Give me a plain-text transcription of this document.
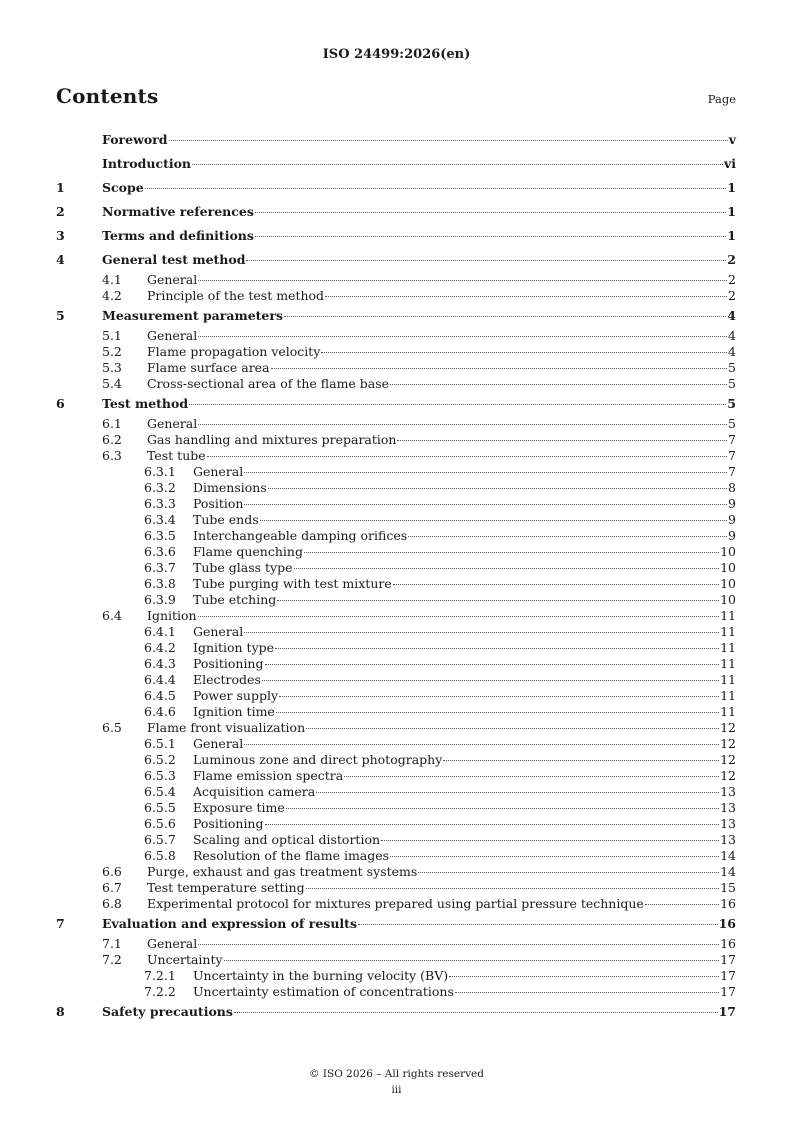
ISO 24499:2026(en)
Contents	Page
Foreword	v
Introduction	vi
1	Scope	1
2	Normative references	1
3	Terms and definitions	1
4	General test method	2
4.1	General	2
4.2	Principle of the test method	2
5	Measurement parameters	4
5.1	General	4
5.2	Flame propagation velocity	4
5.3	Flame surface area	5
5.4	Cross-sectional area of the flame base	5
6	Test method	5
6.1	General	5
6.2	Gas handling and mixtures preparation	7
6.3	Test tube	7
6.3.1	General	7
6.3.2	Dimensions	8
6.3.3	Position	9
6.3.4	Tube ends	9
6.3.5	Interchangeable damping orifices	9
6.3.6	Flame quenching	10
6.3.7	Tube glass type	10
6.3.8	Tube purging with test mixture	10
6.3.9	Tube etching	10
6.4	Ignition	11
6.4.1	General	11
6.4.2	Ignition type	11
6.4.3	Positioning	11
6.4.4	Electrodes	11
6.4.5	Power supply	11
6.4.6	Ignition time	11
6.5	Flame front visualization	12
6.5.1	General	12
6.5.2	Luminous zone and direct photography	12
6.5.3	Flame emission spectra	12
6.5.4	Acquisition camera	13
6.5.5	Exposure time	13
6.5.6	Positioning	13
6.5.7	Scaling and optical distortion	13
6.5.8	Resolution of the flame images	14
6.6	Purge, exhaust and gas treatment systems	14
6.7	Test temperature setting	15
6.8	Experimental protocol for mixtures prepared using partial pressure technique	16
7	Evaluation and expression of results	16
7.1	General	16
7.2	Uncertainty	17
7.2.1	Uncertainty in the burning velocity (BV)	17
7.2.2	Uncertainty estimation of concentrations	17
8	Safety precautions	17
© ISO 2026 – All rights reserved
iii
